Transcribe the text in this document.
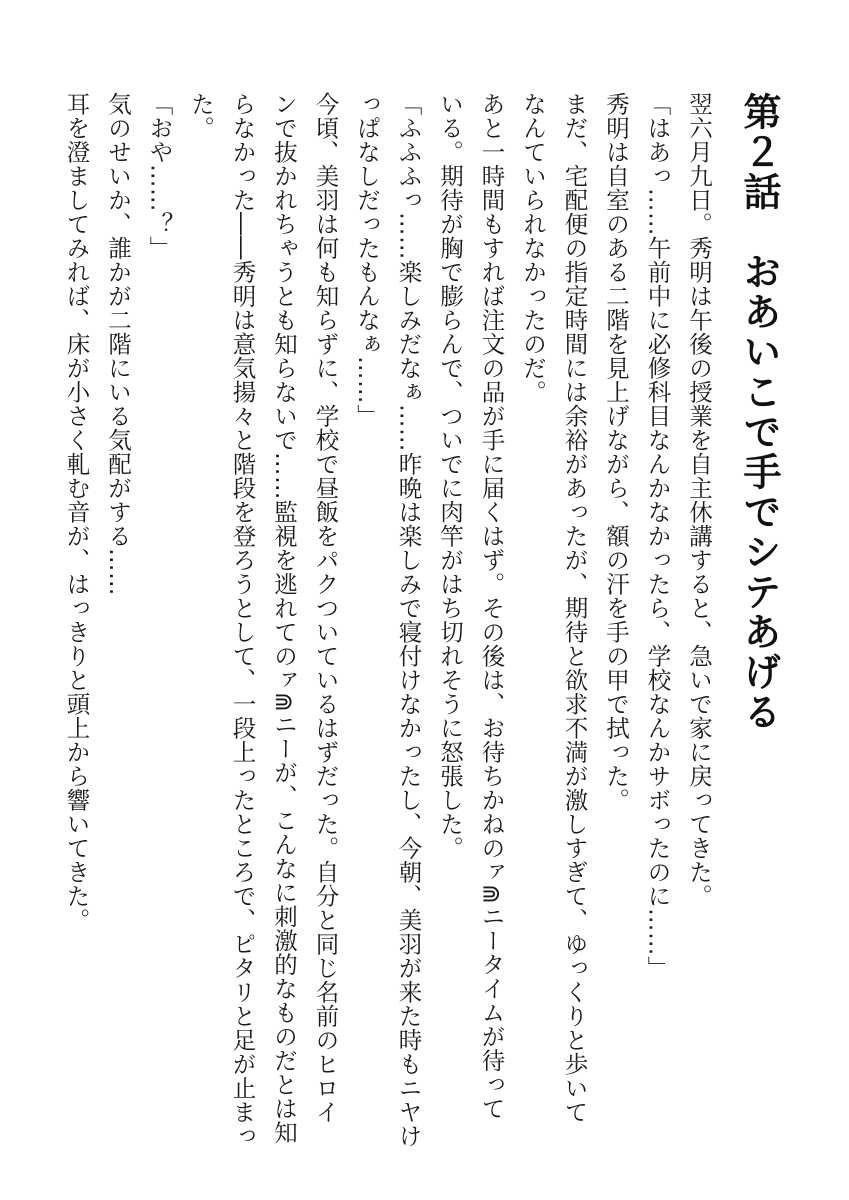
第２話　おあいこで手でシテあげる
翌六月九日。秀明は午後の授業を自主休講すると、急いで家に戻ってきた。
「はあっ……午前中に必修科目なんかなかったら、学校なんかサボったのに……」
秀明は自室のある二階を見上げながら、額の汗を手の甲で拭った。
まだ、宅配便の指定時間には余裕があったが、期待と欲求不満が激しすぎて、ゆっくりと歩いて
なんていられなかったのだ。
あと一時間もすれば注文の品が手に届くはず。その後は、お待ちかねのァ⋒ニータイムが待って
いる。期待が胸で膨らんで、ついでに肉竿がはち切れそうに怒張した。
「ふふふっ……楽しみだなぁ……昨晩は楽しみで寝付けなかったし、今朝、美羽が来た時もニヤけ
っぱなしだったもんなぁ……」
今頃、美羽は何も知らずに、学校で昼飯をパクついているはずだった。自分と同じ名前のヒロイ
ンで抜かれちゃうとも知らないで……監視を逃れてのァ⋒ニーが、こんなに刺激的なものだとは知
らなかった――秀明は意気揚々と階段を登ろうとして、一段上ったところで、ピタリと足が止まっ
た。
「おや……？」
気のせいか、誰かが二階にいる気配がする……
耳を澄ましてみれば、床が小さく軋む音が、はっきりと頭上から響いてきた。
